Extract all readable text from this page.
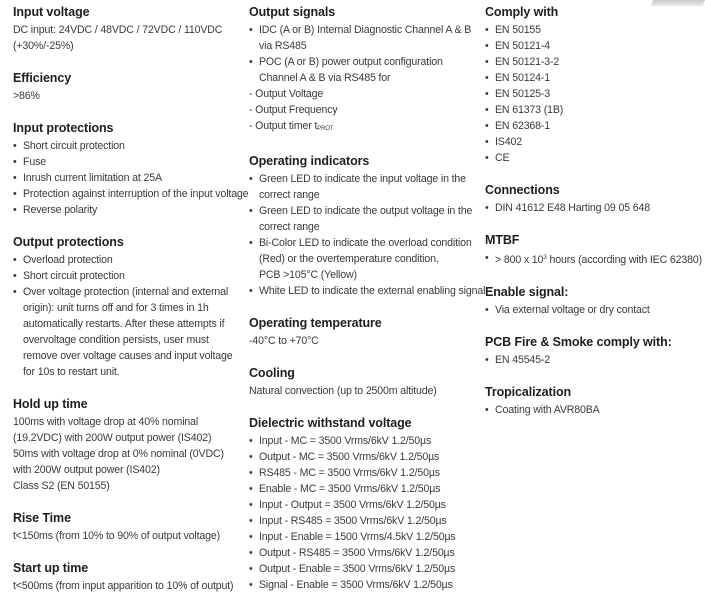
Input voltage
DC input: 24VDC / 48VDC / 72VDC / 110VDC
(+30%/-25%)
Efficiency
>86%
Input protections
• Short circuit protection
• Fuse
• Inrush current limitation at 25A
• Protection against interruption of the input voltage
• Reverse polarity
Output protections
• Overload protection
• Short circuit protection
• Over voltage protection (internal and external
origin): unit turns off and for 3 times in 1h
automatically restarts. After these attempts if
overvoltage condition persists, user must
remove over voltage causes and input voltage
for 10s to restart unit.
Hold up time
100ms with voltage drop at 40% nominal
(19.2VDC) with 200W output power (IS402)
50ms with voltage drop at 0% nominal (0VDC)
with 200W output power (IS402)
Class S2 (EN 50155)
Rise Time
t<150ms (from 10% to 90% of output voltage)
Start up time
t<500ms (from input apparition to 10% of output)
Output signals
• IDC (A or B) Internal Diagnostic Channel A & B
via RS485
• POC (A or B) power output configuration
Channel A & B via RS485 for
- Output Voltage
- Output Frequency
- Output timer tPROT
Operating indicators
• Green LED to indicate the input voltage in the
correct range
• Green LED to indicate the output voltage in the
correct range
• Bi-Color LED to indicate the overload condition
(Red) or the overtemperature condition,
PCB >105°C (Yellow)
• White LED to indicate the external enabling signal.
Operating temperature
-40°C to +70°C
Cooling
Natural convection (up to 2500m altitude)
Dielectric withstand voltage
• Input - MC = 3500 Vrms/6kV 1.2/50µs
• Output - MC = 3500 Vrms/6kV 1.2/50µs
• RS485 - MC = 3500 Vrms/6kV 1.2/50µs
• Enable - MC = 3500 Vrms/6kV 1.2/50µs
• Input - Output = 3500 Vrms/6kV 1.2/50µs
• Input - RS485 = 3500 Vrms/6kV 1.2/50µs
• Input - Enable = 1500 Vrms/4.5kV 1.2/50µs
• Output - RS485 = 3500 Vrms/6kV 1.2/50µs
• Output - Enable = 3500 Vrms/6kV 1.2/50µs
• Signal - Enable = 3500 Vrms/6kV 1.2/50µs
Comply with
• EN 50155
• EN 50121-4
• EN 50121-3-2
• EN 50124-1
• EN 50125-3
• EN 61373 (1B)
• EN 62368-1
• IS402
• CE
Connections
• DIN 41612 E48 Harting 09 05 648
MTBF
• > 800 x $10^3$ hours (according with IEC 62380)
Enable signal:
• Via external voltage or dry contact
PCB Fire & Smoke comply with:
• EN 45545-2
Tropicalization
• Coating with AVR80BA
